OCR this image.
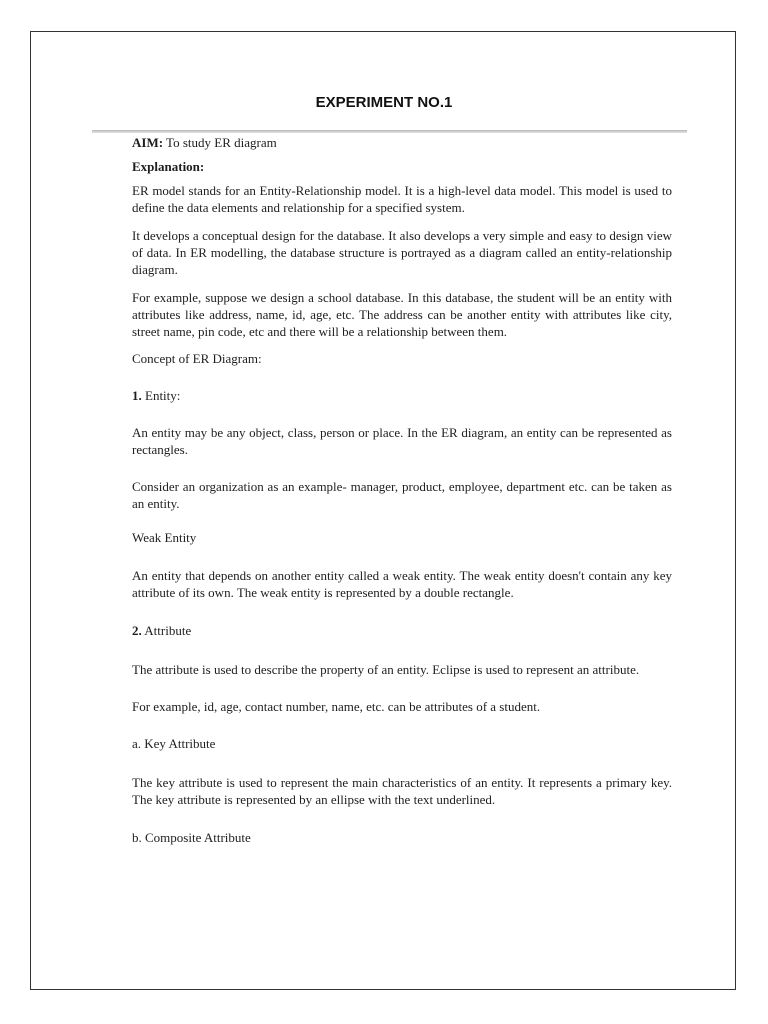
EXPERIMENT NO.1

AIM: To study ER diagram

Explanation:

ER model stands for an Entity-Relationship model. It is a high-level data model. This model is used to define the data elements and relationship for a specified system.

It develops a conceptual design for the database. It also develops a very simple and easy to design view of data. In ER modelling, the database structure is portrayed as a diagram called an entity-relationship diagram.

For example, suppose we design a school database. In this database, the student will be an entity with attributes like address, name, id, age, etc. The address can be another entity with attributes like city, street name, pin code, etc and there will be a relationship between them.

Concept of ER Diagram:

1. Entity:

An entity may be any object, class, person or place. In the ER diagram, an entity can be represented as rectangles.

Consider an organization as an example- manager, product, employee, department etc. can be taken as an entity.

Weak Entity

An entity that depends on another entity called a weak entity. The weak entity doesn't contain any key attribute of its own. The weak entity is represented by a double rectangle.

2. Attribute

The attribute is used to describe the property of an entity. Eclipse is used to represent an attribute.

For example, id, age, contact number, name, etc. can be attributes of a student.

a. Key Attribute

The key attribute is used to represent the main characteristics of an entity. It represents a primary key. The key attribute is represented by an ellipse with the text underlined.

b. Composite Attribute
